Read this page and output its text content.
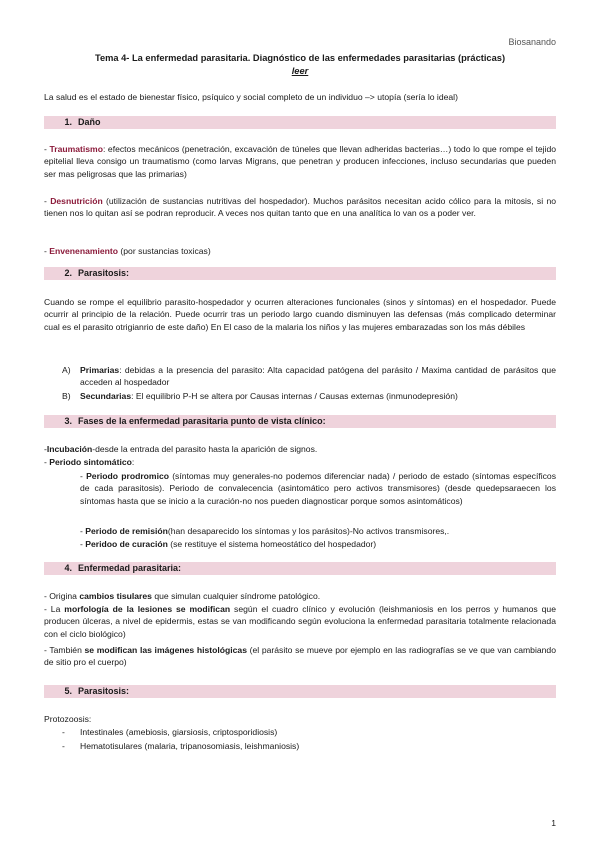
Biosanando
Tema 4- La enfermedad parasitaria. Diagnóstico de las enfermedades parasitarias (prácticas)
leer
La salud es el estado de bienestar físico, psíquico y social completo de un individuo –> utopía (sería lo ideal)
1. Daño
- Traumatismo: efectos mecánicos (penetración, excavación de túneles que llevan adheridas bacterias…) todo lo que rompe el tejido epitelial lleva consigo un traumatismo (como larvas Migrans, que penetran y producen infecciones, incluso secundarias que pueden ser mas peligrosas que las primarias)
- Desnutrición (utilización de sustancias nutritivas del hospedador). Muchos parásitos necesitan acido cólico para la mitosis, si no tienen nos lo quitan así se podran reproducir. A veces nos quitan tanto que en una analítica lo van os a poder ver.
- Envenenamiento (por sustancias toxicas)
2. Parasitosis:
Cuando se rompe el equilibrio parasito-hospedador y ocurren alteraciones funcionales (sinos y síntomas) en el hospedador. Puede ocurrir al principio de la relación. Puede ocurrir tras un periodo largo cuando disminuyen las defensas (más complicado determinar cual es el parasito otrigianrio de este daño) En El caso de la malaria los niños y las mujeres embarazadas son los más débiles
A)	Primarias: debidas a la presencia del parasito: Alta capacidad patógena del parásito / Maxima cantidad de parásitos que acceden al hospedador
B)	Secundarias: El equilibrio P-H se altera por Causas internas / Causas externas (inmunodepresión)
3. Fases de la enfermedad parasitaria punto de vista clínico:
-Incubación-desde la entrada del parasito hasta la aparición de signos.
- Periodo sintomático:
- Periodo prodromico (síntomas muy generales-no podemos diferenciar nada) / periodo de estado (síntomas específicos de cada parasitosis). Periodo de convalecencia (asintomático pero activos transmisores) (desde quedepsaraecen los síntomas hasta que se inicio a la curación-no nos pueden diagnosticar porque somos asintomáticos)
- Periodo de remisión(han desaparecido los síntomas y los parásitos)-No activos transmisores,.
- Peridoo de curación (se restituye el sistema homeostático del hospedador)
4. Enfermedad parasitaria:
- Origina cambios tisulares que simulan cualquier síndrome patológico.
- La morfología de la lesiones se modifican según el cuadro clínico y evolución (leishmaniosis en los perros y humanos que producen úlceras, a nivel de epidermis, estas se van modificando según evoluciona la enfermedad parasitaria totalmente relacionada con el ciclo biológico)
- También se modifican las imágenes histológicas (el parásito se mueve por ejemplo en las radiografías se ve que van cambiando de sitio pro el cuerpo)
5. Parasitosis:
Protozoosis:
-	Intestinales (amebiosis, giarsiosis, criptosporidiosis)
-	Hematotisulares (malaria, tripanosomiasis, leishmaniosis)
1
